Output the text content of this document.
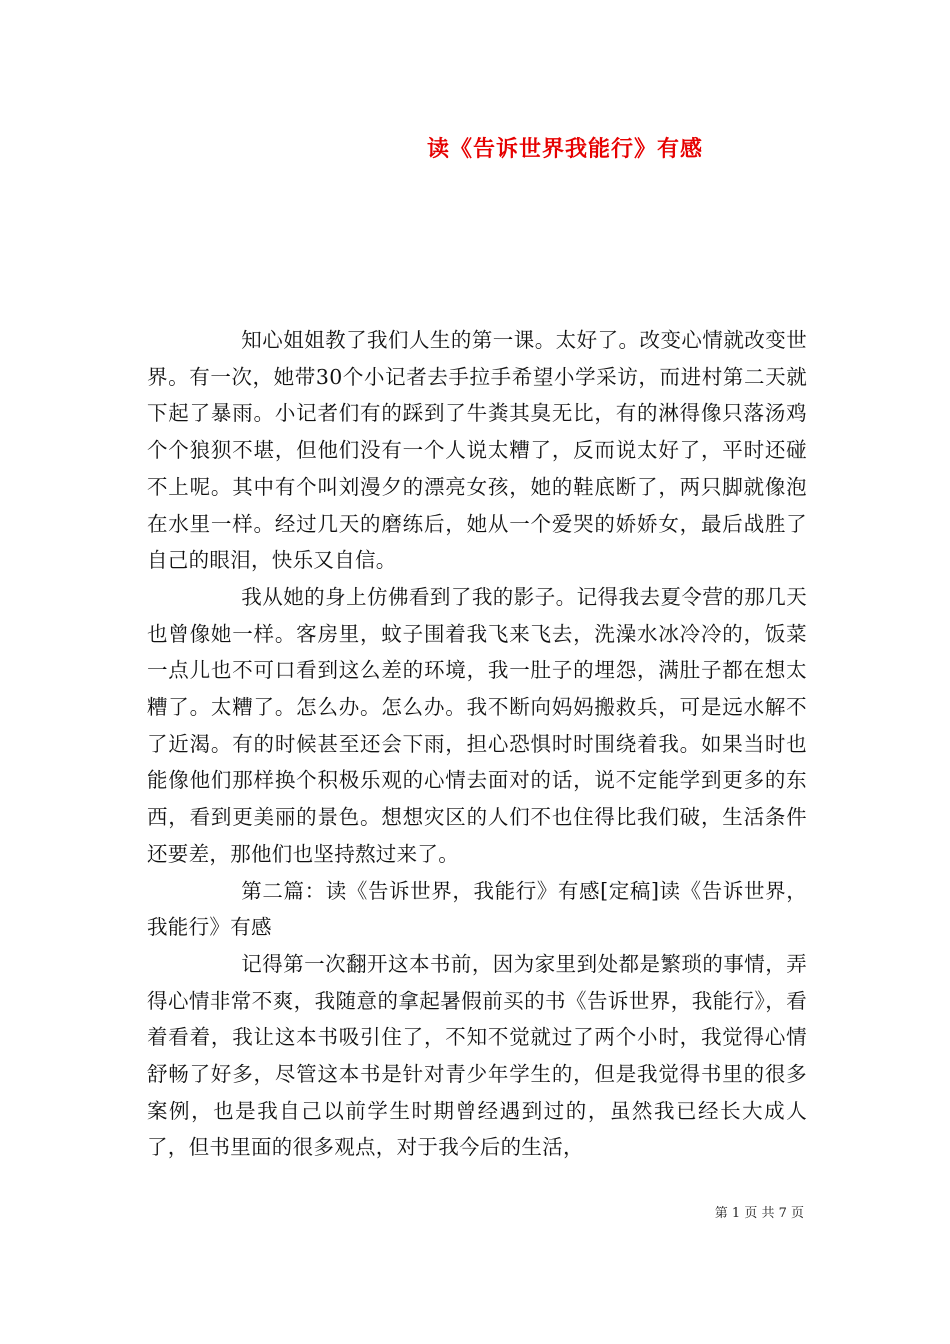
读《告诉世界我能行》有感

知心姐姐教了我们人生的第一课。太好了。改变心情就改变世界。有一次，她带30个小记者去手拉手希望小学采访，而进村第二天就下起了暴雨。小记者们有的踩到了牛粪其臭无比，有的淋得像只落汤鸡个个狼狈不堪，但他们没有一个人说太糟了，反而说太好了，平时还碰不上呢。其中有个叫刘漫夕的漂亮女孩，她的鞋底断了，两只脚就像泡在水里一样。经过几天的磨练后，她从一个爱哭的娇娇女，最后战胜了自己的眼泪，快乐又自信。

我从她的身上仿佛看到了我的影子。记得我去夏令营的那几天也曾像她一样。客房里，蚊子围着我飞来飞去，洗澡水冰冷冷的，饭菜一点儿也不可口看到这么差的环境，我一肚子的埋怨，满肚子都在想太糟了。太糟了。怎么办。怎么办。我不断向妈妈搬救兵，可是远水解不了近渴。有的时候甚至还会下雨，担心恐惧时时围绕着我。如果当时也能像他们那样换个积极乐观的心情去面对的话，说不定能学到更多的东西，看到更美丽的景色。想想灾区的人们不也住得比我们破，生活条件还要差，那他们也坚持熬过来了。

第二篇：读《告诉世界，我能行》有感[定稿]读《告诉世界，我能行》有感

记得第一次翻开这本书前，因为家里到处都是繁琐的事情，弄得心情非常不爽，我随意的拿起暑假前买的书《告诉世界，我能行》，看着看着，我让这本书吸引住了，不知不觉就过了两个小时，我觉得心情舒畅了好多，尽管这本书是针对青少年学生的，但是我觉得书里的很多案例，也是我自己以前学生时期曾经遇到过的，虽然我已经长大成人了，但书里面的很多观点，对于我今后的生活，

第 1 页 共 7 页
